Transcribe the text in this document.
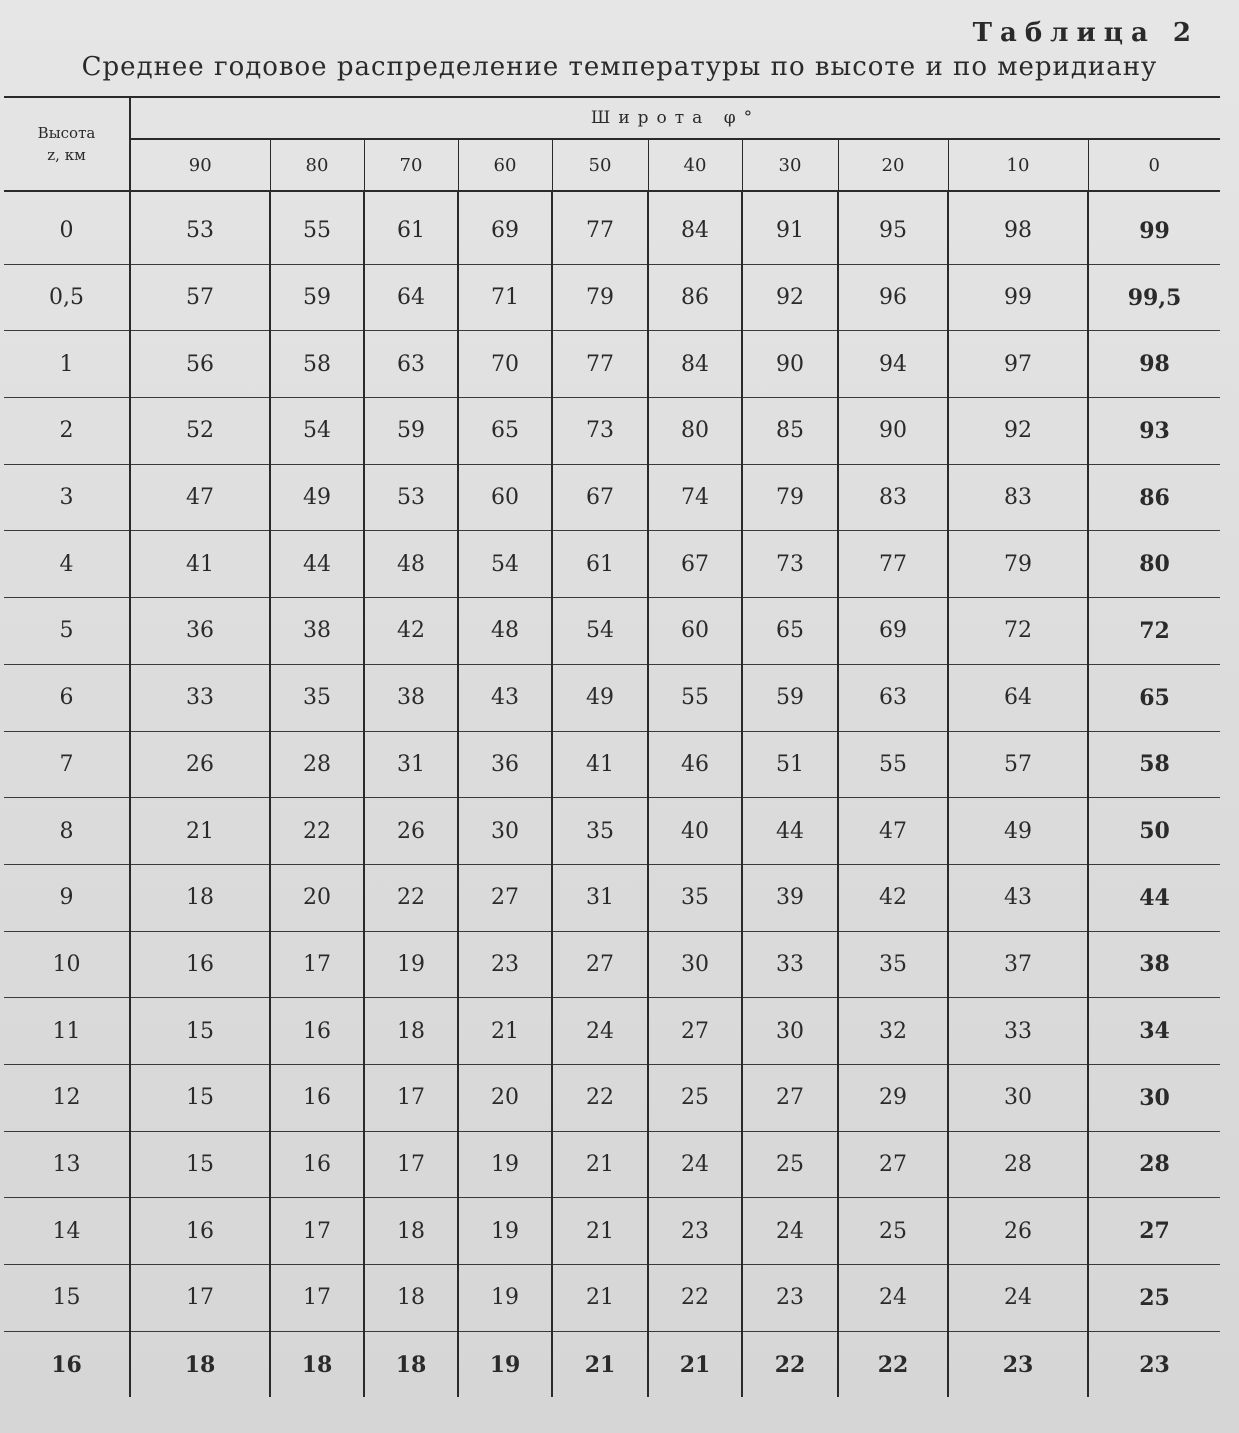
Таблица 2
Среднее годовое распределение температуры по высоте и по меридиану
Высота
z, км	Широта φ°									
	90	80	70	60	50	40	30	20	10	0
0	53	55	61	69	77	84	91	95	98	99
0,5	57	59	64	71	79	86	92	96	99	99,5
1	56	58	63	70	77	84	90	94	97	98
2	52	54	59	65	73	80	85	90	92	93
3	47	49	53	60	67	74	79	83	83	86
4	41	44	48	54	61	67	73	77	79	80
5	36	38	42	48	54	60	65	69	72	72
6	33	35	38	43	49	55	59	63	64	65
7	26	28	31	36	41	46	51	55	57	58
8	21	22	26	30	35	40	44	47	49	50
9	18	20	22	27	31	35	39	42	43	44
10	16	17	19	23	27	30	33	35	37	38
11	15	16	18	21	24	27	30	32	33	34
12	15	16	17	20	22	25	27	29	30	30
13	15	16	17	19	21	24	25	27	28	28
14	16	17	18	19	21	23	24	25	26	27
15	17	17	18	19	21	22	23	24	24	25
16	18	18	18	19	21	21	22	22	23	23
